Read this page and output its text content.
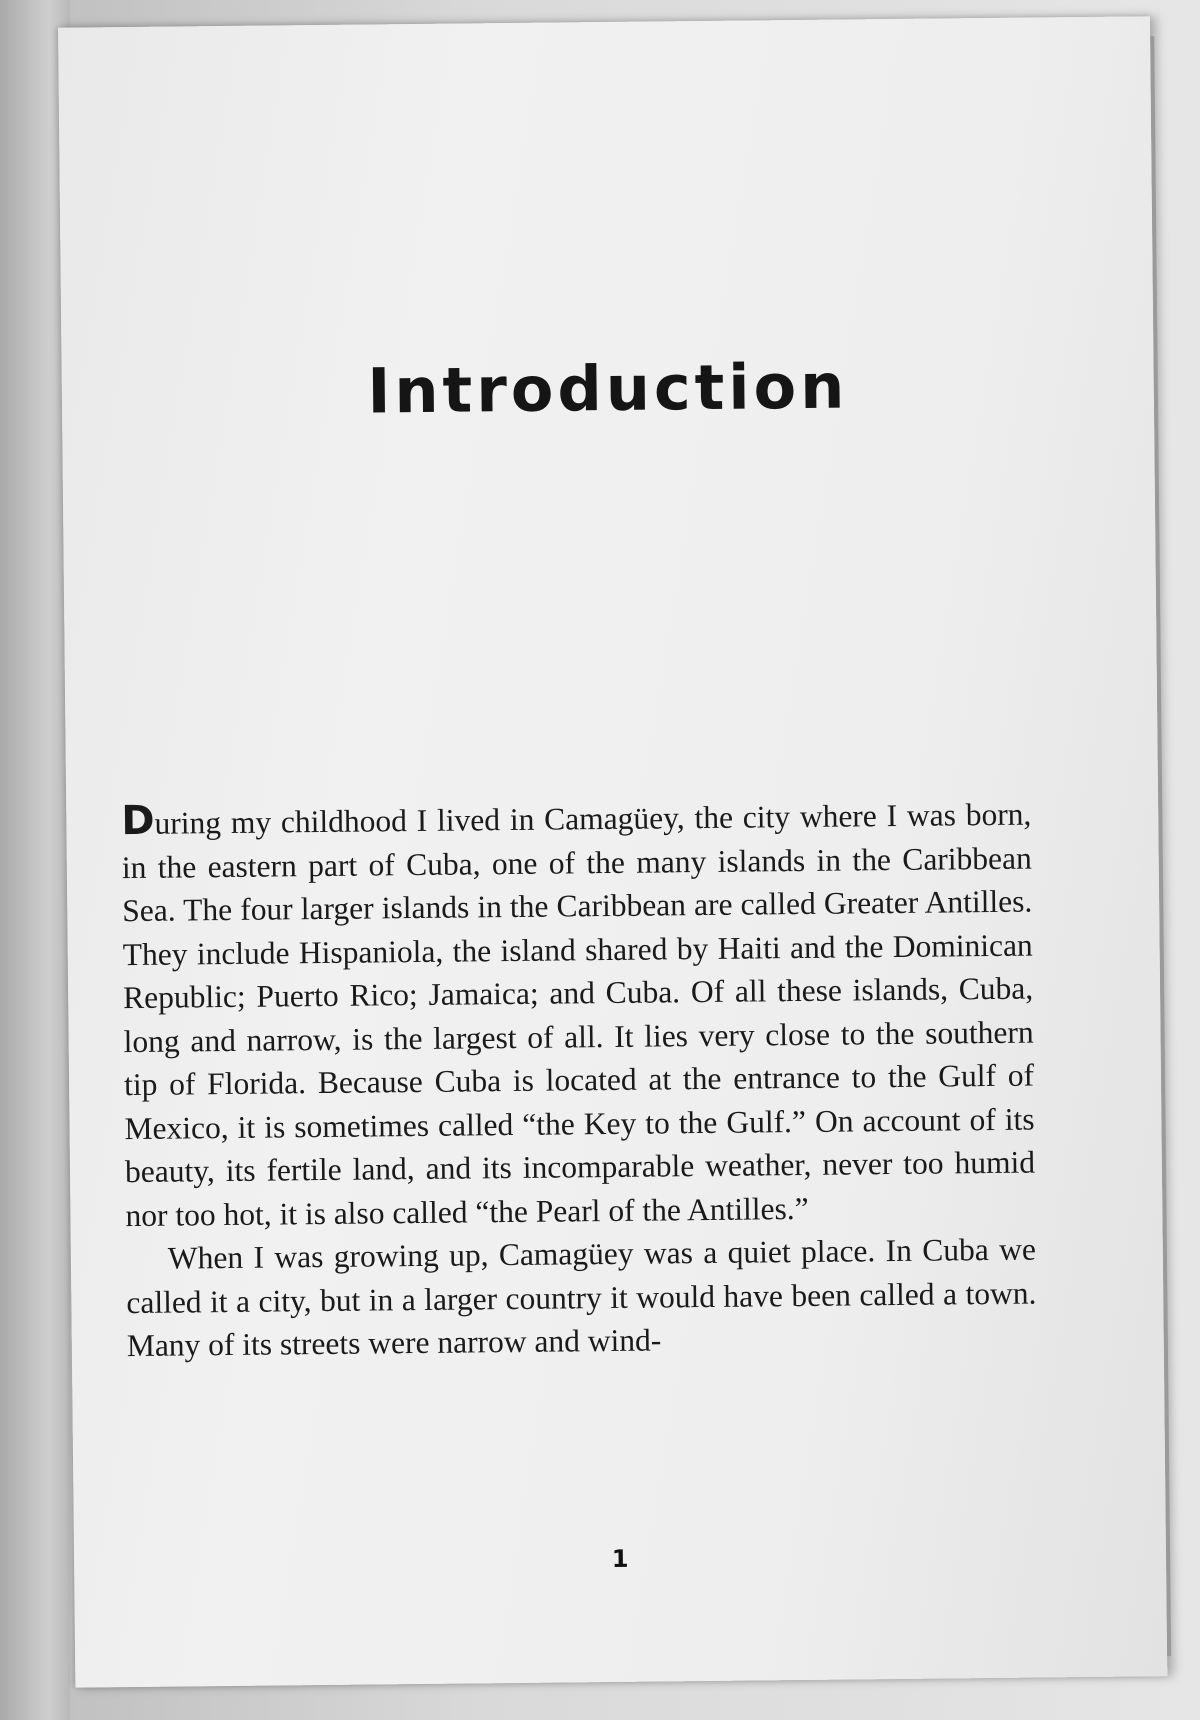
Introduction

During my childhood I lived in Camagüey, the city where I was born, in the eastern part of Cuba, one of the many islands in the Caribbean Sea. The four larger islands in the Caribbean are called Greater Antilles. They include Hispaniola, the island shared by Haiti and the Dominican Republic; Puerto Rico; Jamaica; and Cuba. Of all these islands, Cuba, long and narrow, is the largest of all. It lies very close to the southern tip of Florida. Because Cuba is located at the entrance to the Gulf of Mexico, it is sometimes called “the Key to the Gulf.” On account of its beauty, its fertile land, and its incomparable weather, never too humid nor too hot, it is also called “the Pearl of the Antilles.”

When I was growing up, Camagüey was a quiet place. In Cuba we called it a city, but in a larger country it would have been called a town. Many of its streets were narrow and wind-

1
